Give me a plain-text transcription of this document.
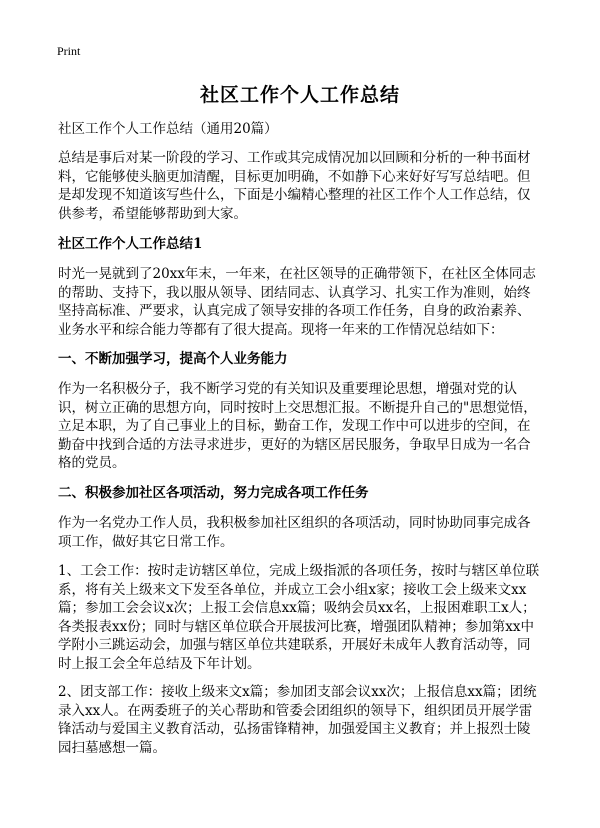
Print
社区工作个人工作总结
社区工作个人工作总结（通用20篇）
总结是事后对某一阶段的学习、工作或其完成情况加以回顾和分析的一种书面材料，它能够使头脑更加清醒，目标更加明确，不如静下心来好好写写总结吧。但是却发现不知道该写些什么，下面是小编精心整理的社区工作个人工作总结，仅供参考，希望能够帮助到大家。
社区工作个人工作总结1
时光一晃就到了20xx年末，一年来，在社区领导的正确带领下，在社区全体同志的帮助、支持下，我以服从领导、团结同志、认真学习、扎实工作为准则，始终坚持高标准、严要求，认真完成了领导安排的各项工作任务，自身的政治素养、业务水平和综合能力等都有了很大提高。现将一年来的工作情况总结如下：
一、不断加强学习，提高个人业务能力
作为一名积极分子，我不断学习党的有关知识及重要理论思想，增强对党的认识，树立正确的思想方向，同时按时上交思想汇报。不断提升自己的"思想觉悟，立足本职，为了自己事业上的目标，勤奋工作，发现工作中可以进步的空间，在勤奋中找到合适的方法寻求进步，更好的为辖区居民服务，争取早日成为一名合格的党员。
二、积极参加社区各项活动，努力完成各项工作任务
作为一名党办工作人员，我积极参加社区组织的各项活动，同时协助同事完成各项工作，做好其它日常工作。
1、工会工作：按时走访辖区单位，完成上级指派的各项任务，按时与辖区单位联系，将有关上级来文下发至各单位，并成立工会小组x家；接收工会上级来文xx篇；参加工会会议x次；上报工会信息xx篇；吸纳会员xx名，上报困难职工x人；各类报表xx份；同时与辖区单位联合开展拔河比赛，增强团队精神；参加第xx中学附小三跳运动会，加强与辖区单位共建联系，开展好未成年人教育活动等，同时上报工会全年总结及下年计划。
2、团支部工作：接收上级来文x篇；参加团支部会议xx次；上报信息xx篇；团统录入xx人。在两委班子的关心帮助和管委会团组织的领导下，组织团员开展学雷锋活动与爱国主义教育活动，弘扬雷锋精神，加强爱国主义教育；并上报烈士陵园扫墓感想一篇。
